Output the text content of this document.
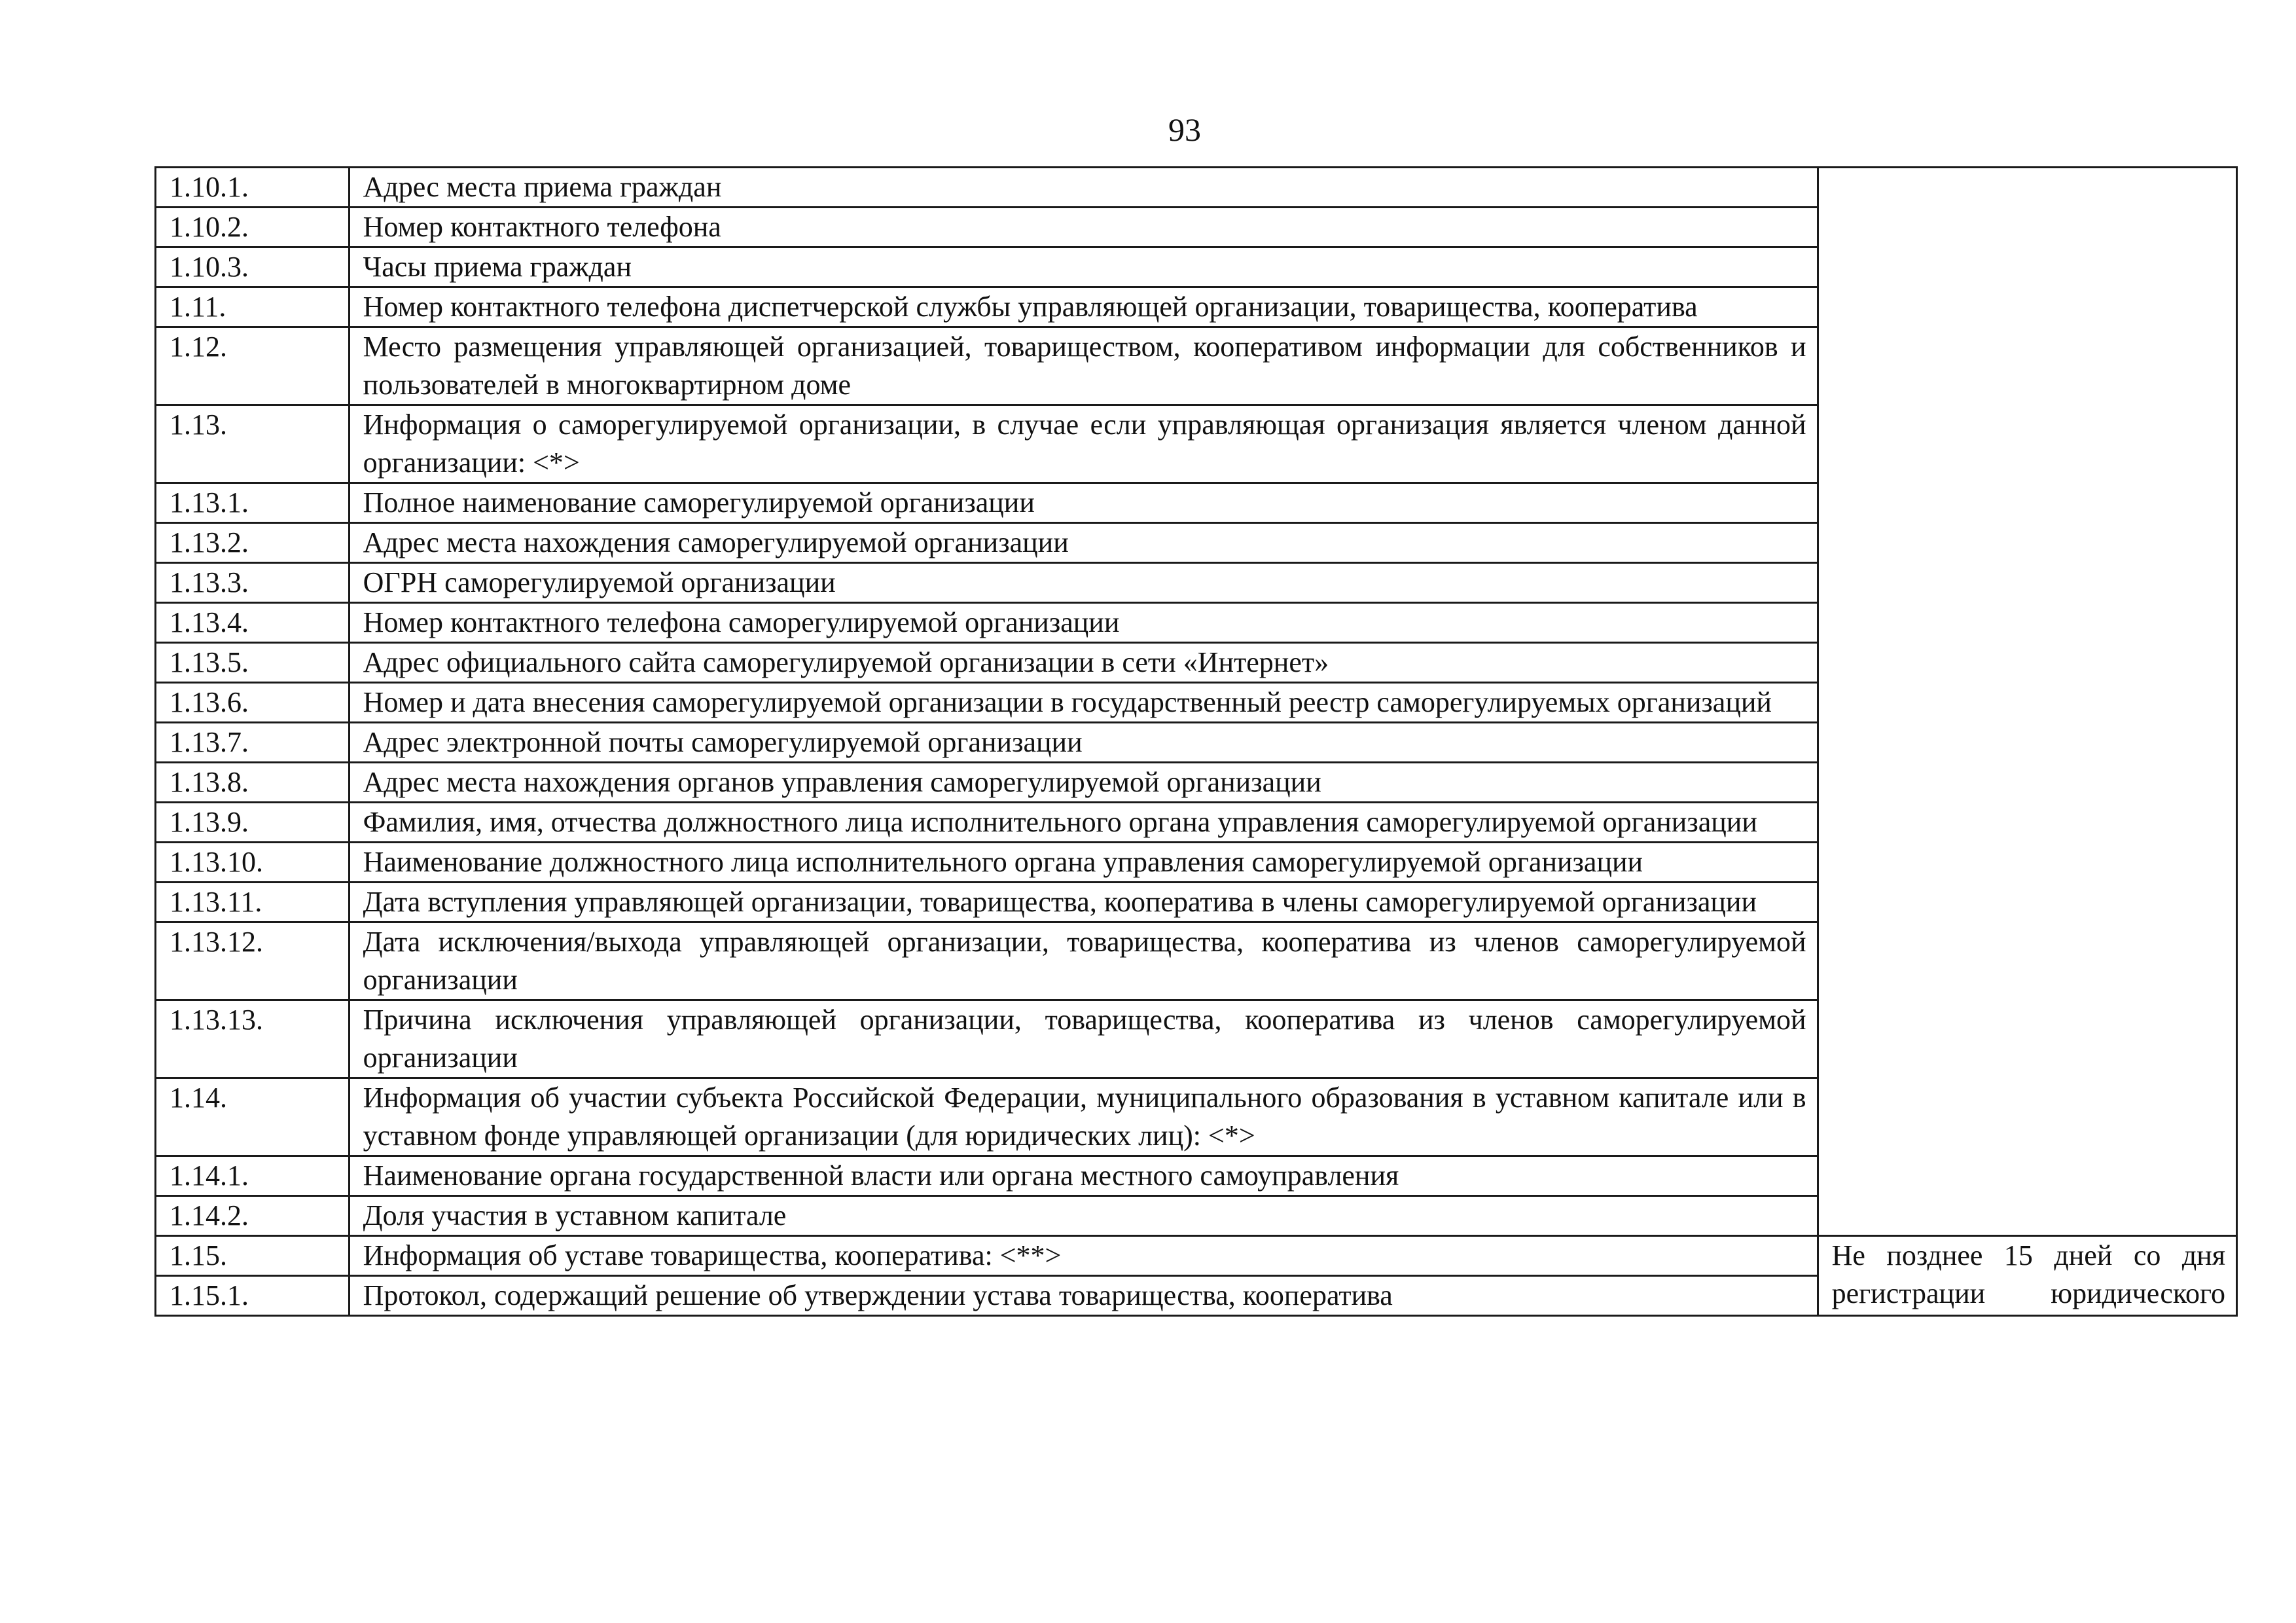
93
1.10.1.	Адрес места приема граждан	
1.10.2.	Номер контактного телефона	
1.10.3.	Часы приема граждан	
1.11.	Номер контактного телефона диспетчерской службы управляющей организации, товарищества, кооператива	
1.12.	Место размещения управляющей организацией, товариществом, кооперативом информации для собственников и пользователей в многоквартирном доме	
1.13.	Информация о саморегулируемой организации, в случае если управляющая организация является членом данной организации: <*>	
1.13.1.	Полное наименование саморегулируемой организации	
1.13.2.	Адрес места нахождения саморегулируемой организации	
1.13.3.	ОГРН саморегулируемой организации	
1.13.4.	Номер контактного телефона саморегулируемой организации	
1.13.5.	Адрес официального сайта саморегулируемой организации в сети «Интернет»	
1.13.6.	Номер и дата внесения саморегулируемой организации в государственный реестр саморегулируемых организаций	
1.13.7.	Адрес электронной почты саморегулируемой организации	
1.13.8.	Адрес места нахождения органов управления саморегулируемой организации	
1.13.9.	Фамилия, имя, отчества должностного лица исполнительного органа управления саморегулируемой организации	
1.13.10.	Наименование должностного лица исполнительного органа управления саморегулируемой организации	
1.13.11.	Дата вступления управляющей организации, товарищества, кооператива в члены саморегулируемой организации	
1.13.12.	Дата исключения/выхода управляющей организации, товарищества, кооператива из членов саморегулируемой организации	
1.13.13.	Причина исключения управляющей организации, товарищества, кооператива из членов саморегулируемой организации	
1.14.	Информация об участии субъекта Российской Федерации, муниципального образования в уставном капитале или в уставном фонде управляющей организации (для юридических лиц): <*>	
1.14.1.	Наименование органа государственной власти или органа местного самоуправления	
1.14.2.	Доля участия в уставном капитале	
1.15.	Информация об уставе товарищества, кооператива: <**>	Не позднее 15 дней со дня регистрации юридического
1.15.1.	Протокол, содержащий решение об утверждении устава товарищества, кооператива	
